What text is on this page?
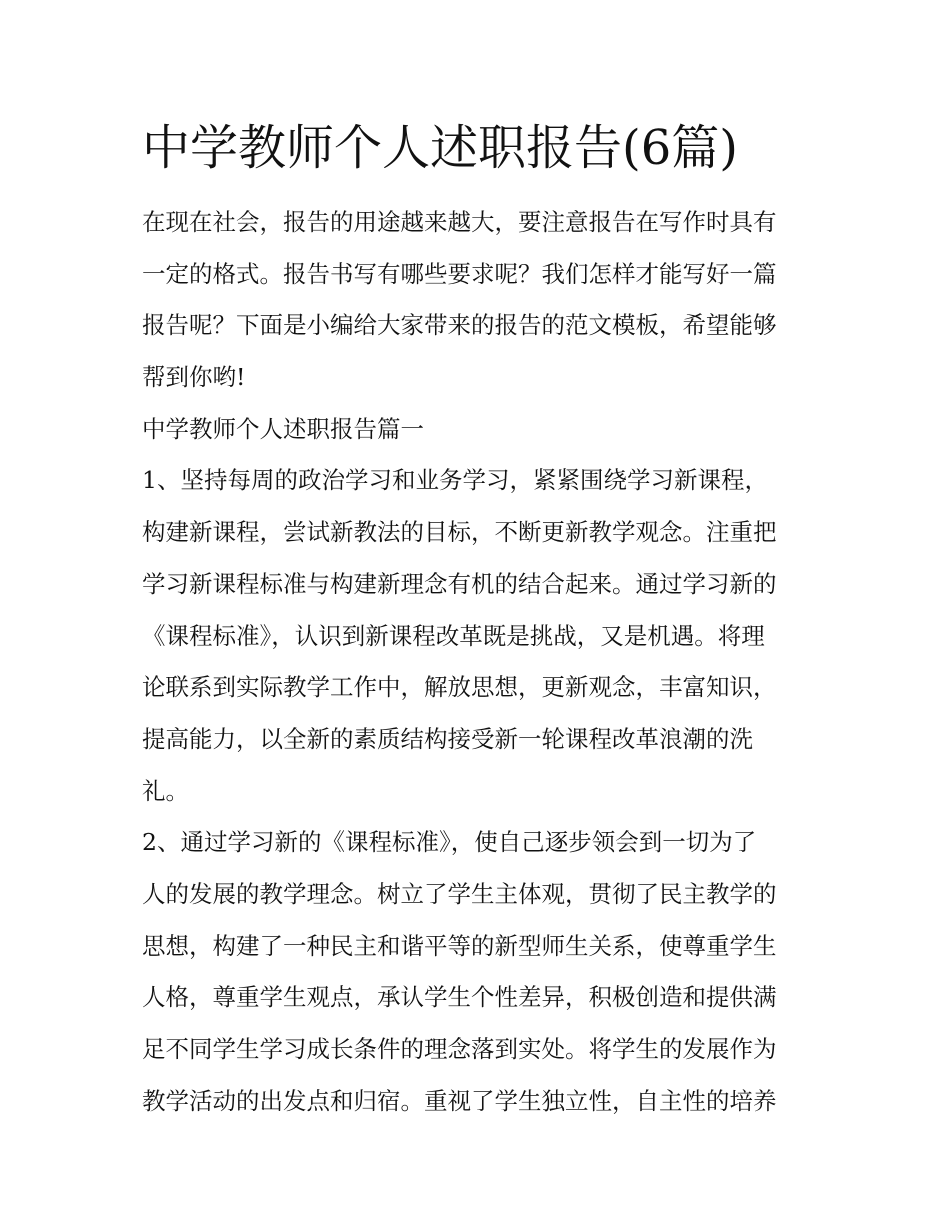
中学教师个人述职报告(6篇)
在现在社会，报告的用途越来越大，要注意报告在写作时具有
一定的格式。报告书写有哪些要求呢？我们怎样才能写好一篇
报告呢？下面是小编给大家带来的报告的范文模板，希望能够
帮到你哟!
中学教师个人述职报告篇一
1、坚持每周的政治学习和业务学习，紧紧围绕学习新课程，
构建新课程，尝试新教法的目标，不断更新教学观念。注重把
学习新课程标准与构建新理念有机的结合起来。通过学习新的
《课程标准》，认识到新课程改革既是挑战，又是机遇。将理
论联系到实际教学工作中，解放思想，更新观念，丰富知识，
提高能力，以全新的素质结构接受新一轮课程改革浪潮的洗
礼。
2、通过学习新的《课程标准》，使自己逐步领会到一切为了
人的发展的教学理念。树立了学生主体观，贯彻了民主教学的
思想，构建了一种民主和谐平等的新型师生关系，使尊重学生
人格，尊重学生观点，承认学生个性差异，积极创造和提供满
足不同学生学习成长条件的理念落到实处。将学生的发展作为
教学活动的出发点和归宿。重视了学生独立性，自主性的培养
